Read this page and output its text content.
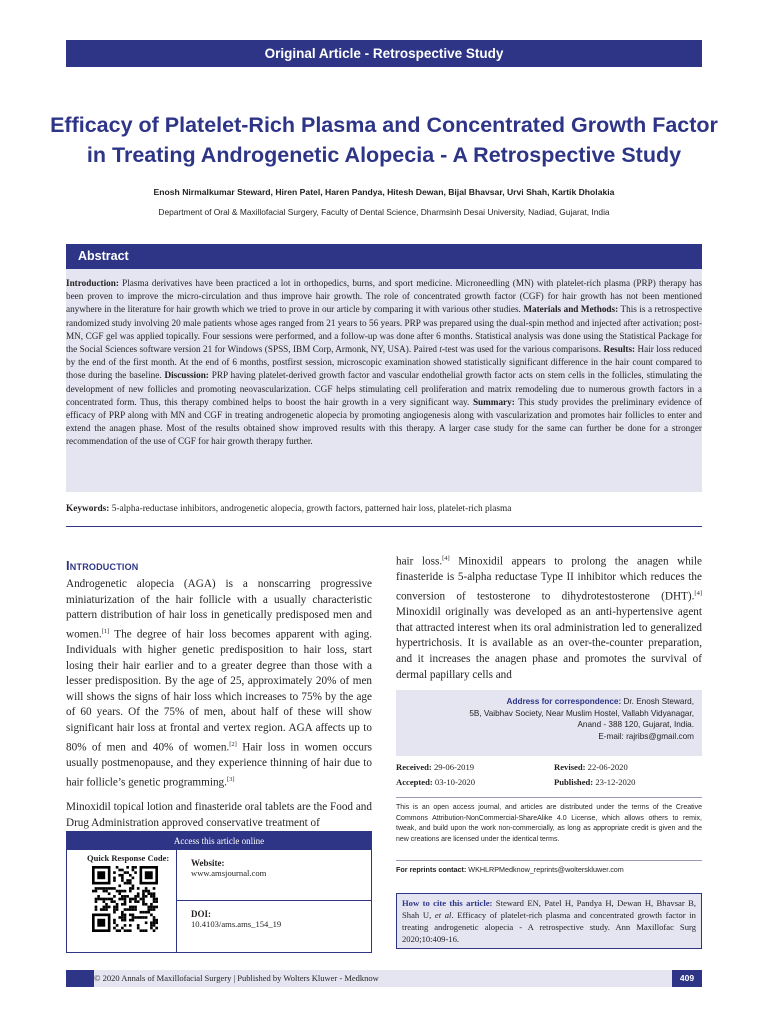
Original Article - Retrospective Study
Efficacy of Platelet-Rich Plasma and Concentrated Growth Factor
in Treating Androgenetic Alopecia - A Retrospective Study
Enosh Nirmalkumar Steward, Hiren Patel, Haren Pandya, Hitesh Dewan, Bijal Bhavsar, Urvi Shah, Kartik Dholakia
Department of Oral & Maxillofacial Surgery, Faculty of Dental Science, Dharmsinh Desai University, Nadiad, Gujarat, India
Abstract
Introduction: Plasma derivatives have been practiced a lot in orthopedics, burns, and sport medicine. Microneedling (MN) with platelet-rich plasma (PRP) therapy has been proven to improve the micro-circulation and thus improve hair growth. The role of concentrated growth factor (CGF) for hair growth has not been mentioned anywhere in the literature for hair growth which we tried to prove in our article by comparing it with various other studies. Materials and Methods: This is a retrospective randomized study involving 20 male patients whose ages ranged from 21 years to 56 years. PRP was prepared using the dual-spin method and injected after activation; post-MN, CGF gel was applied topically. Four sessions were performed, and a follow-up was done after 6 months. Statistical analysis was done using the Statistical Package for the Social Sciences software version 21 for Windows (SPSS, IBM Corp, Armonk, NY, USA). Paired t-test was used for the various comparisons. Results: Hair loss reduced by the end of the first month. At the end of 6 months, postfirst session, microscopic examination showed statistically significant difference in the hair count compared to those during the baseline. Discussion: PRP having platelet-derived growth factor and vascular endothelial growth factor acts on stem cells in the follicles, stimulating the development of new follicles and promoting neovascularization. CGF helps stimulating cell proliferation and matrix remodeling due to numerous growth factors in a concentrated form. Thus, this therapy combined helps to boost the hair growth in a very significant way. Summary: This study provides the preliminary evidence of efficacy of PRP along with MN and CGF in treating androgenetic alopecia by promoting angiogenesis along with vascularization and promotes hair follicles to enter and extend the anagen phase. Most of the results obtained show improved results with this therapy. A larger case study for the same can further be done for a stronger recommendation of the use of CGF for hair growth therapy further.
Keywords: 5-alpha-reductase inhibitors, androgenetic alopecia, growth factors, patterned hair loss, platelet-rich plasma
Introduction
Androgenetic alopecia (AGA) is a nonscarring progressive miniaturization of the hair follicle with a usually characteristic pattern distribution of hair loss in genetically predisposed men and women.[1] The degree of hair loss becomes apparent with aging. Individuals with higher genetic predisposition to hair loss, start losing their hair earlier and to a greater degree than those with a lesser predisposition. By the age of 25, approximately 20% of men will shows the signs of hair loss which increases to 75% by the age of 60 years. Of the 75% of men, about half of these will show significant hair loss at frontal and vertex region. AGA affects up to 80% of men and 40% of women.[2] Hair loss in women occurs usually postmenopause, and they experience thinning of hair due to hair follicle’s genetic programming.[3]
Minoxidil topical lotion and finasteride oral tablets are the Food and Drug Administration approved conservative treatment of
hair loss.[4] Minoxidil appears to prolong the anagen while finasteride is 5-alpha reductase Type II inhibitor which reduces the conversion of testosterone to dihydrotestosterone (DHT).[4] Minoxidil originally was developed as an anti-hypertensive agent that attracted interest when its oral administration led to generalized hypertrichosis. It is available as an over-the-counter preparation, and it increases the anagen phase and promotes the survival of dermal papillary cells and
Access this article online
Quick Response Code:	Website:
www.amsjournal.com
DOI:
10.4103/ams.ams_154_19
Address for correspondence: Dr. Enosh Steward,
5B, Vaibhav Society, Near Muslim Hostel, Vallabh Vidyanagar,
Anand - 388 120, Gujarat, India.
E-mail: rajribs@gmail.com
Received: 29-06-2019	Revised: 22-06-2020
Accepted: 03-10-2020	Published: 23-12-2020
This is an open access journal, and articles are distributed under the terms of the Creative Commons Attribution-NonCommercial-ShareAlike 4.0 License, which allows others to remix, tweak, and build upon the work non-commercially, as long as appropriate credit is given and the new creations are licensed under the identical terms.
For reprints contact: WKHLRPMedknow_reprints@wolterskluwer.com
How to cite this article: Steward EN, Patel H, Pandya H, Dewan H, Bhavsar B, Shah U, et al. Efficacy of platelet-rich plasma and concentrated growth factor in treating androgenetic alopecia - A retrospective study. Ann Maxillofac Surg 2020;10:409-16.
© 2020 Annals of Maxillofacial Surgery | Published by Wolters Kluwer - Medknow	409
